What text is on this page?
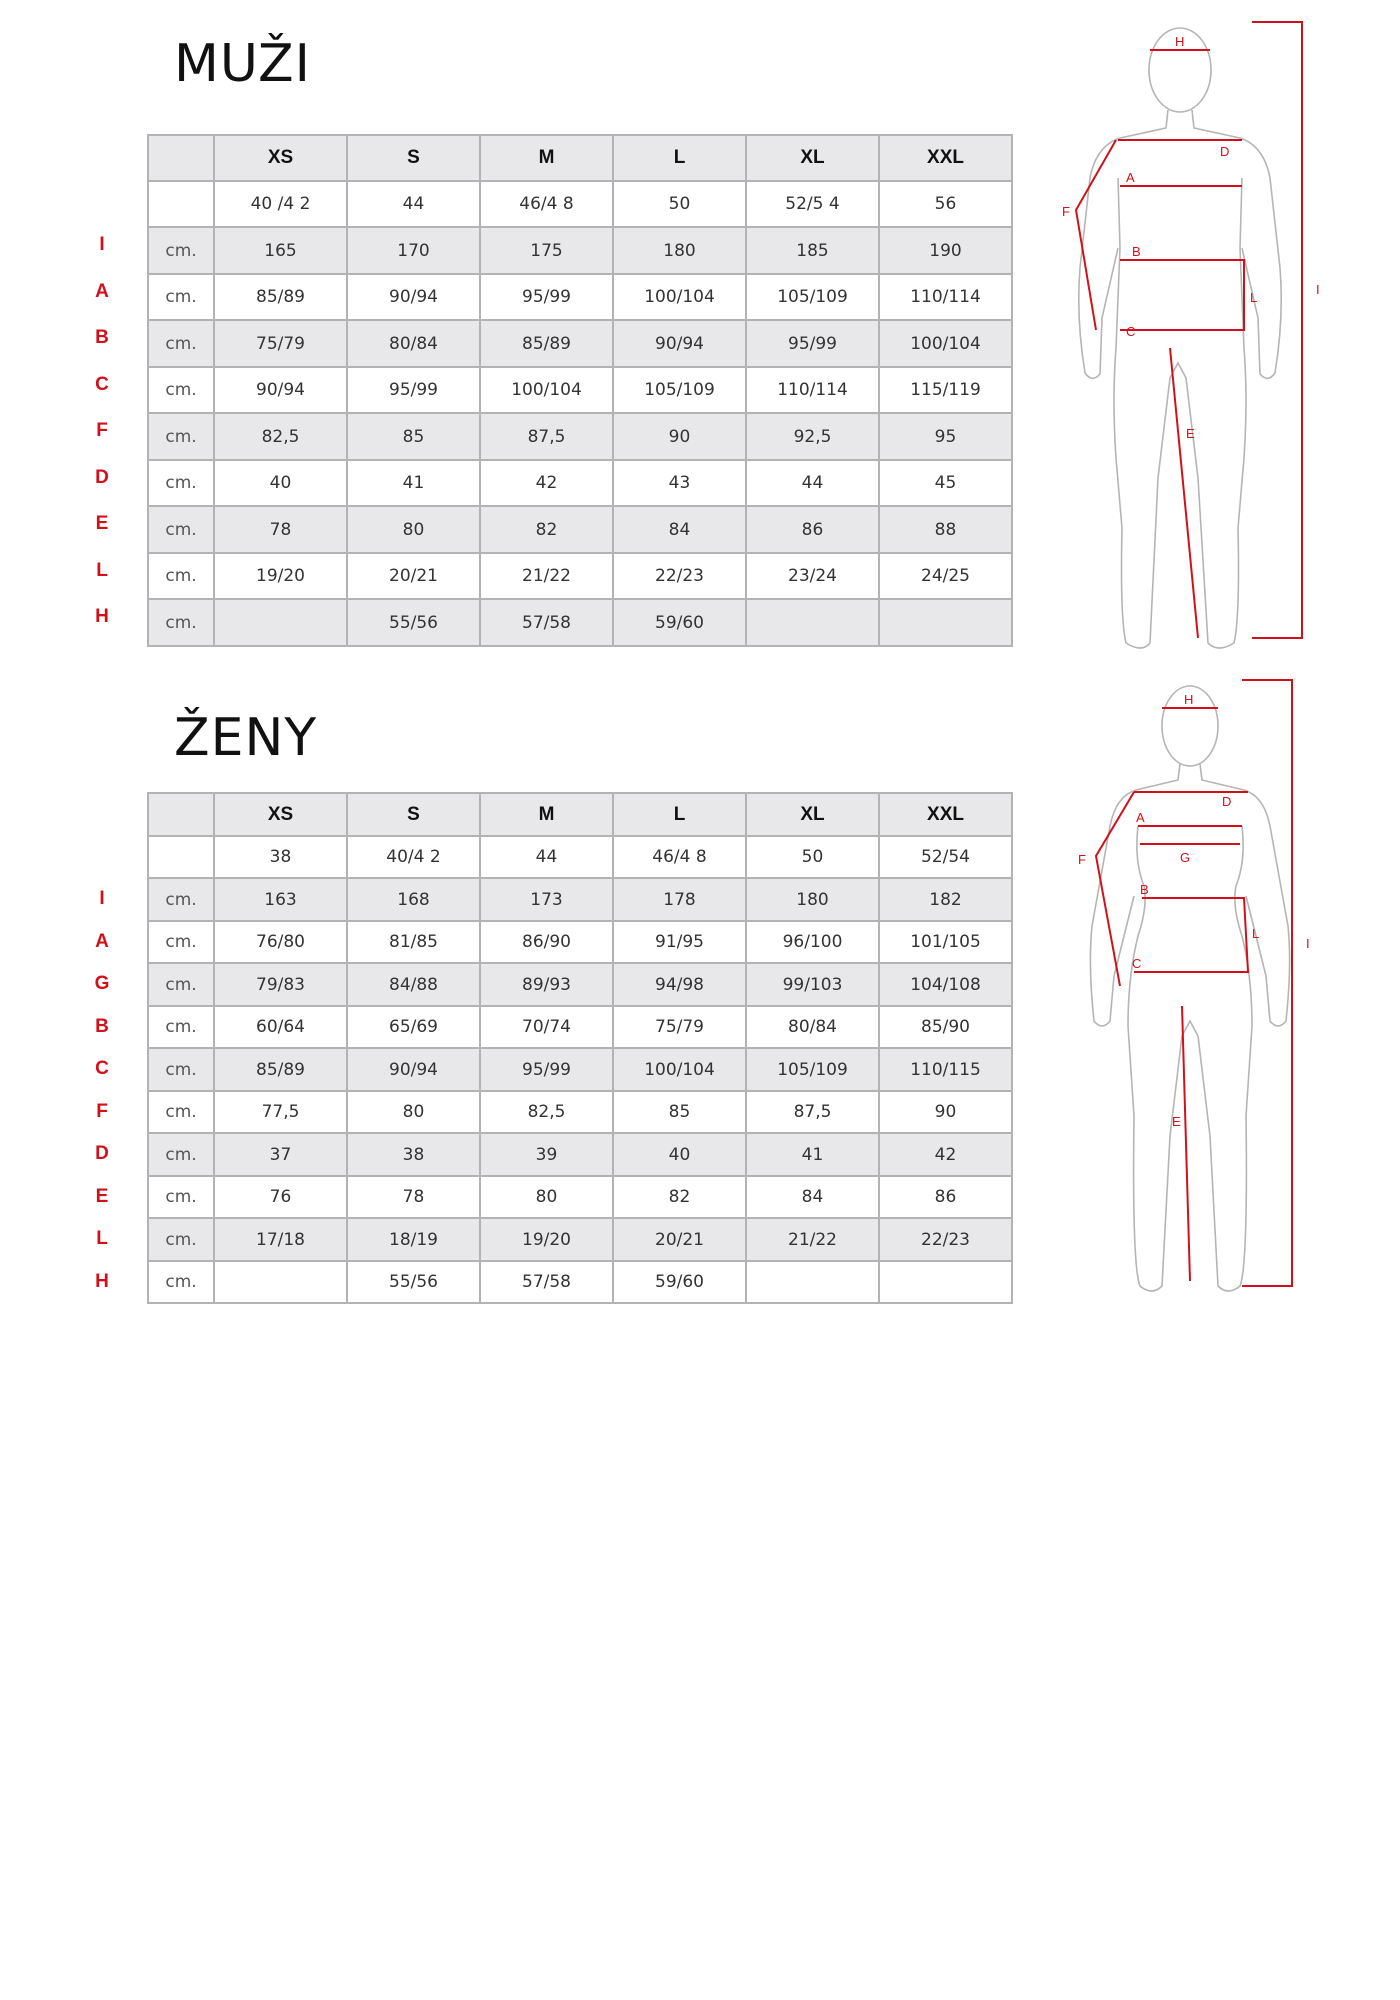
MUŽI
I
A
B
C
F
D
E
L
H
	XS	S	M	L	XL	XXL
	40 /4 2	44	46/4 8	50	52/5 4	56
cm.	165	170	175	180	185	190
cm.	85/89	90/94	95/99	100/104	105/109	110/114
cm.	75/79	80/84	85/89	90/94	95/99	100/104
cm.	90/94	95/99	100/104	105/109	110/114	115/119
cm.	82,5	85	87,5	90	92,5	95
cm.	40	41	42	43	44	45
cm.	78	80	82	84	86	88
cm.	19/20	20/21	21/22	22/23	23/24	24/25
cm.		55/56	57/58	59/60		
H
D
F
A
B
L
C
E
I
ŽENY
I
A
G
B
C
F
D
E
L
H
	XS	S	M	L	XL	XXL
	38	40/4 2	44	46/4 8	50	52/54
cm.	163	168	173	178	180	182
cm.	76/80	81/85	86/90	91/95	96/100	101/105
cm.	79/83	84/88	89/93	94/98	99/103	104/108
cm.	60/64	65/69	70/74	75/79	80/84	85/90
cm.	85/89	90/94	95/99	100/104	105/109	110/115
cm.	77,5	80	82,5	85	87,5	90
cm.	37	38	39	40	41	42
cm.	76	78	80	82	84	86
cm.	17/18	18/19	19/20	20/21	21/22	22/23
cm.		55/56	57/58	59/60		
H
D
F
A
G
B
L
C
E
I
